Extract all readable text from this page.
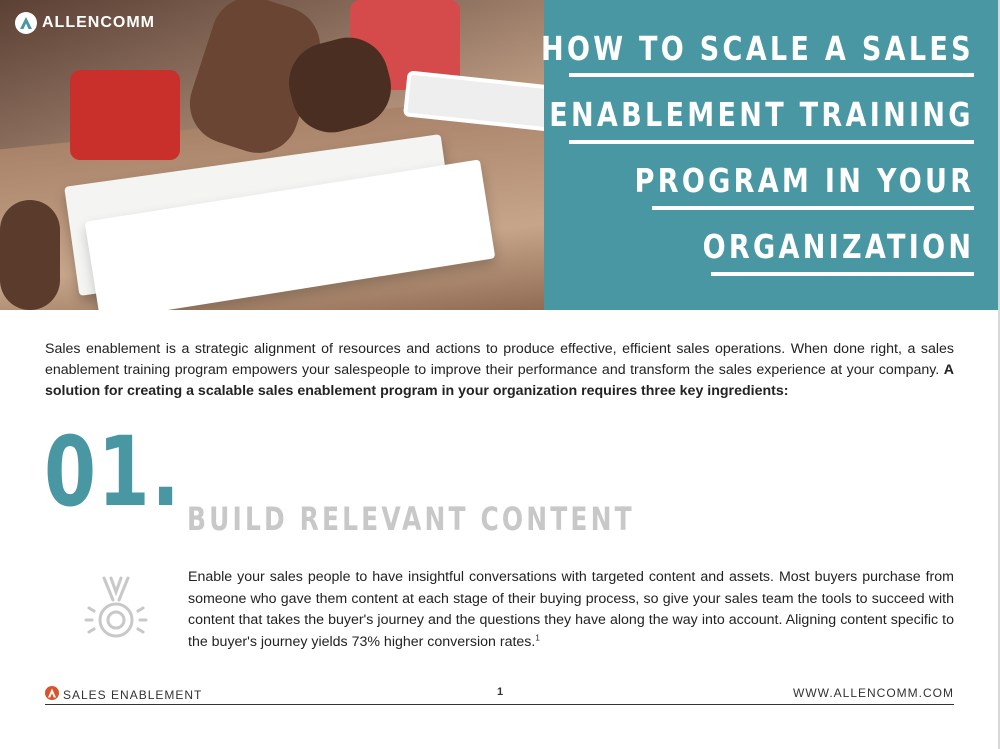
ALLENCOMM
HOW TO SCALE A SALES
ENABLEMENT TRAINING
PROGRAM IN YOUR
ORGANIZATION
Sales enablement is a strategic alignment of resources and actions to produce effective, efficient sales operations. When done right, a sales enablement training program empowers your salespeople to improve their performance and transform the sales experience at your company. A solution for creating a scalable sales enablement program in your organization requires three key ingredients:
01. BUILD RELEVANT CONTENT
Enable your sales people to have insightful conversations with targeted content and assets. Most buyers purchase from someone who gave them content at each stage of their buying process, so give your sales team the tools to succeed with content that takes the buyer's journey and the questions they have along the way into account. Aligning content specific to the buyer's journey yields 73% higher conversion rates.$^1$
SALES ENABLEMENT	1	WWW.ALLENCOMM.COM
